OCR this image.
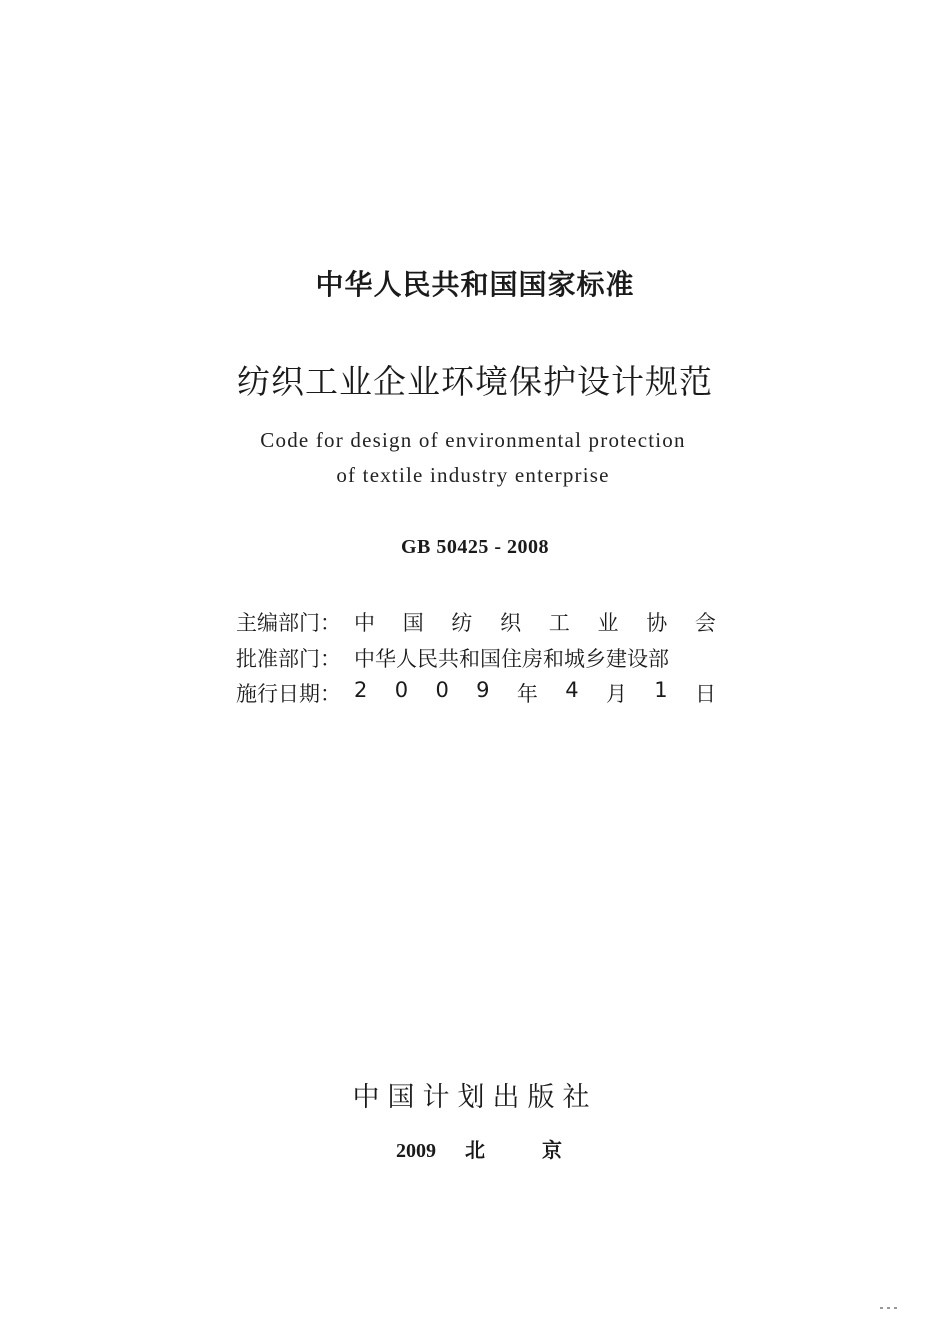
中华人民共和国国家标准
纺织工业企业环境保护设计规范
Code for design of environmental protection
of textile industry enterprise
GB 50425 - 2008
主编部门： 中 国 纺 织 工 业 协 会
批准部门： 中华人民共和国住房和城乡建设部
施行日期： 2 0 0 9 年 4 月 1 日
中国计划出版社
2009 北	京
